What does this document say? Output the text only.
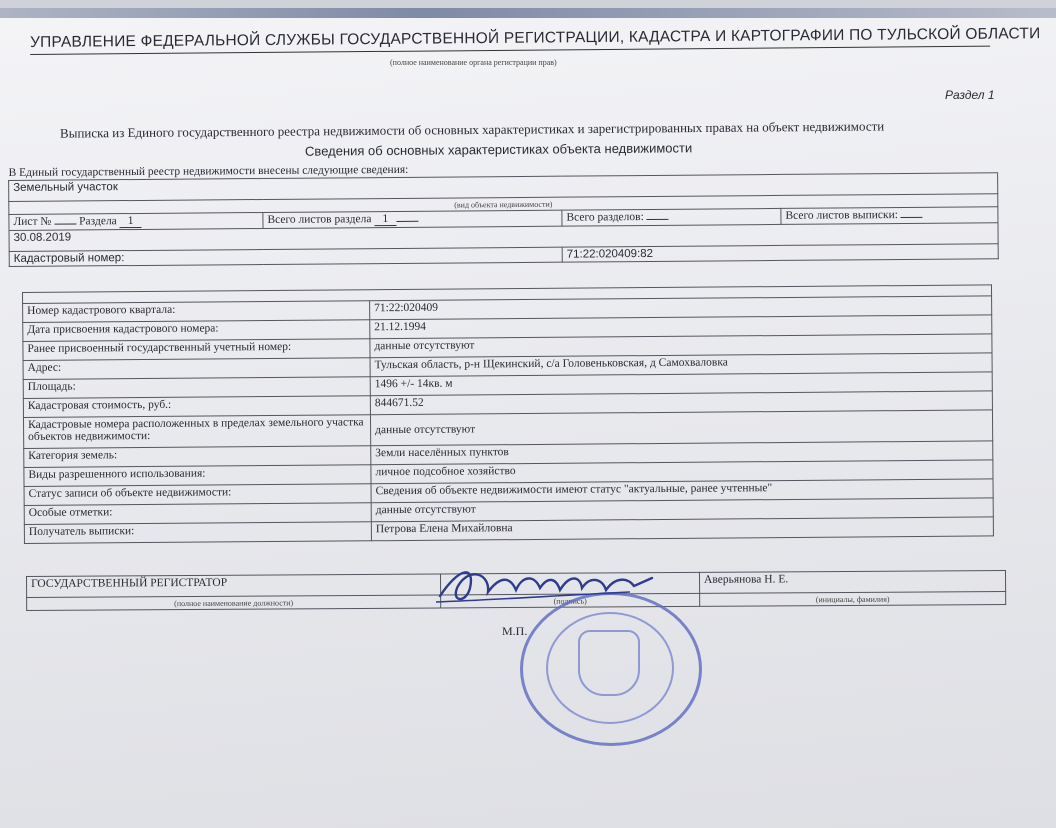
УПРАВЛЕНИЕ ФЕДЕРАЛЬНОЙ СЛУЖБЫ ГОСУДАРСТВЕННОЙ РЕГИСТРАЦИИ, КАДАСТРА И КАРТОГРАФИИ ПО ТУЛЬСКОЙ ОБЛАСТИ
(полное наименование органа регистрации прав)
Раздел 1
Выписка из Единого государственного реестра недвижимости об основных характеристиках и зарегистрированных правах на объект недвижимости
Сведения об основных характеристиках объекта недвижимости
В Единый государственный реестр недвижимости внесены следующие сведения:			
Земельный участок			
(вид объекта недвижимости)			
Лист № Раздела 1	Всего листов раздела 1	Всего разделов:	Всего листов выписки:
30.08.2019			
Кадастровый номер:		71:22:020409:82	

Номер кадастрового квартала:	71:22:020409
Дата присвоения кадастрового номера:	21.12.1994
Ранее присвоенный государственный учетный номер:	данные отсутствуют
Адрес:	Тульская область, р-н Щекинский, с/а Головеньковская, д Самохваловка
Площадь:	1496 +/- 14кв. м
Кадастровая стоимость, руб.:	844671.52
Кадастровые номера расположенных в пределах земельного участка объектов недвижимости:	данные отсутствуют
Категория земель:	Земли населённых пунктов
Виды разрешенного использования:	личное подсобное хозяйство
Статус записи об объекте недвижимости:	Сведения об объекте недвижимости имеют статус "актуальные, ранее учтенные"
Особые отметки:	данные отсутствуют
Получатель выписки:	Петрова Елена Михайловна
ГОСУДАРСТВЕННЫЙ РЕГИСТРАТОР		Аверьянова Н. Е.
(полное наименование должности)	(подпись)	(инициалы, фамилия)
М.П.
